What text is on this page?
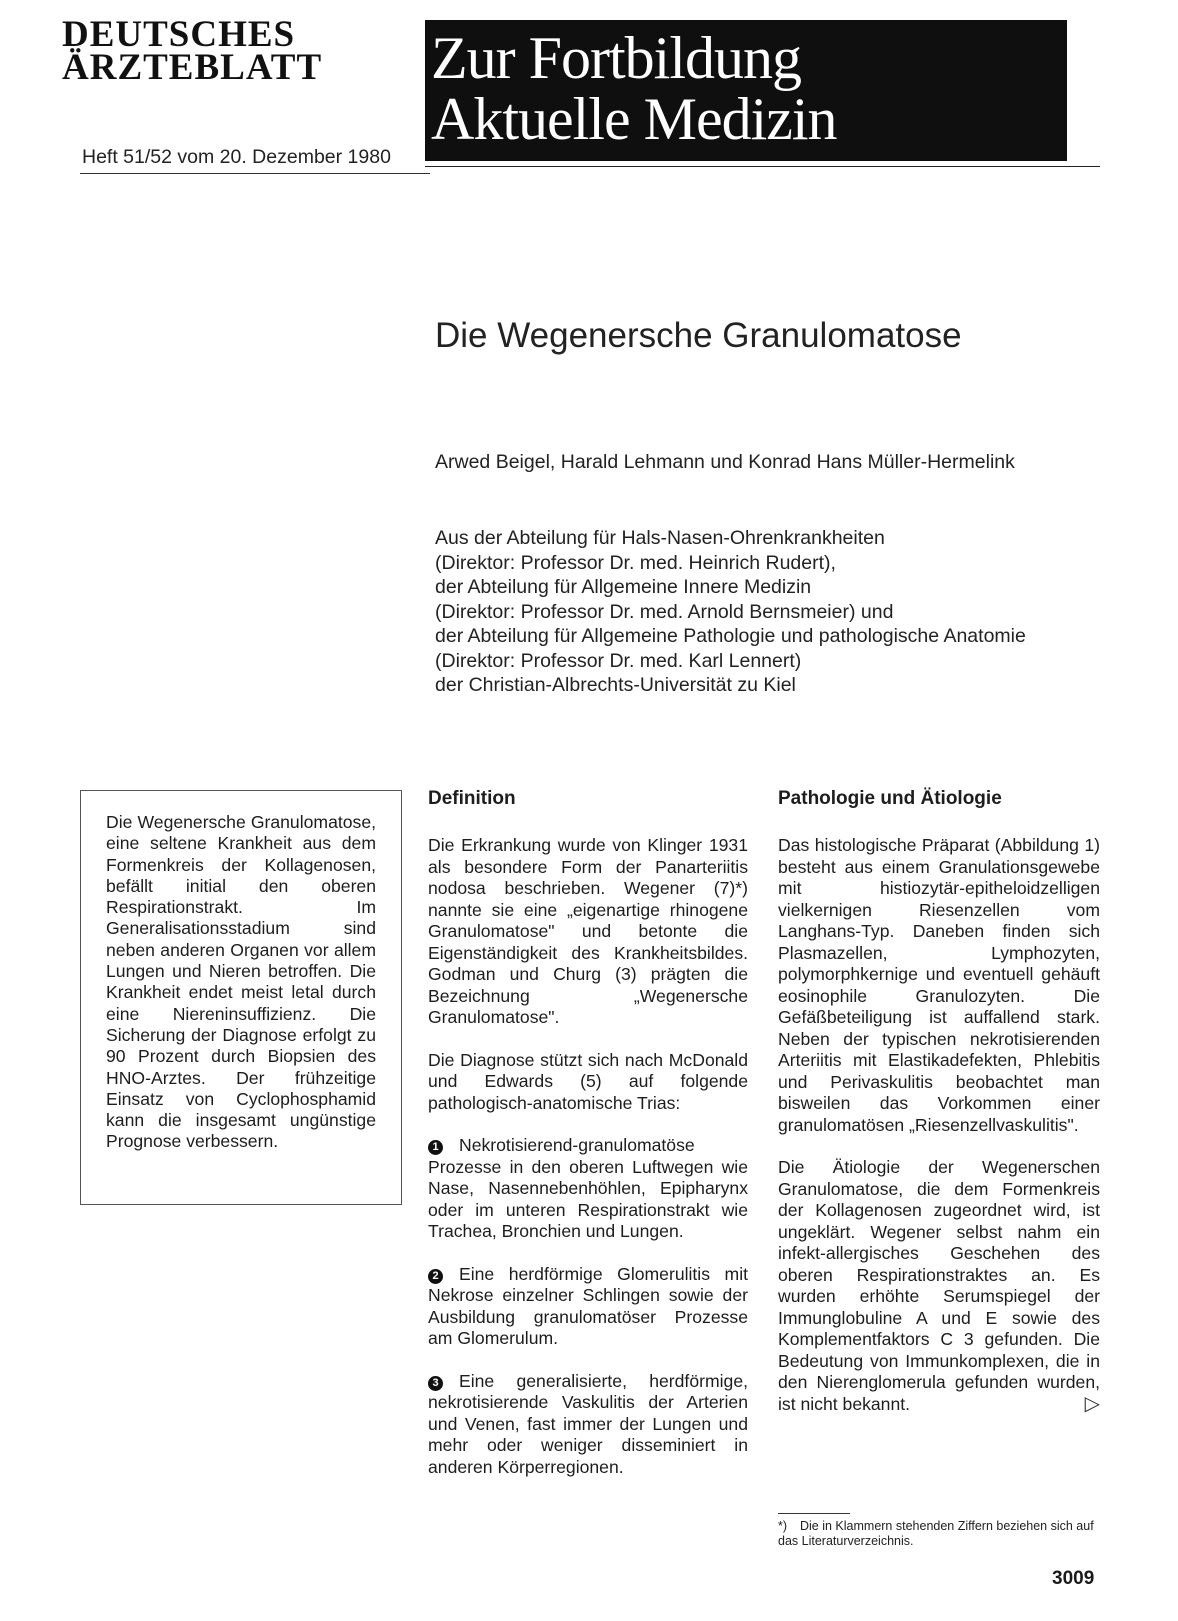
DEUTSCHES
ÄRZTEBLATT
Heft 51/52 vom 20. Dezember 1980
Zur Fortbildung
Aktuelle Medizin
Die Wegenersche Granulomatose
Arwed Beigel, Harald Lehmann und Konrad Hans Müller-Hermelink
Aus der Abteilung für Hals-Nasen-Ohrenkrankheiten
(Direktor: Professor Dr. med. Heinrich Rudert),
der Abteilung für Allgemeine Innere Medizin
(Direktor: Professor Dr. med. Arnold Bernsmeier) und
der Abteilung für Allgemeine Pathologie und pathologische Anatomie
(Direktor: Professor Dr. med. Karl Lennert)
der Christian-Albrechts-Universität zu Kiel
Die Wegenersche Granulomatose, eine seltene Krankheit aus dem Formenkreis der Kollagenosen, befällt initial den oberen Respirationstrakt. Im Generalisationsstadium sind neben anderen Organen vor allem Lungen und Nieren betroffen. Die Krankheit endet meist letal durch eine Niereninsuffizienz. Die Sicherung der Diagnose erfolgt zu 90 Prozent durch Biopsien des HNO-Arztes. Der frühzeitige Einsatz von Cyclophosphamid kann die insgesamt ungünstige Prognose verbessern.
Definition
Die Erkrankung wurde von Klinger 1931 als besondere Form der Panarteriitis nodosa beschrieben. Wegener (7)*) nannte sie eine „eigenartige rhinogene Granulomatose" und betonte die Eigenständigkeit des Krankheitsbildes. Godman und Churg (3) prägten die Bezeichnung „Wegenersche Granulomatose".
Die Diagnose stützt sich nach McDonald und Edwards (5) auf folgende pathologisch-anatomische Trias:
1 Nekrotisierend-granulomatöse Prozesse in den oberen Luftwegen wie Nase, Nasennebenhöhlen, Epipharynx oder im unteren Respirationstrakt wie Trachea, Bronchien und Lungen.
2 Eine herdförmige Glomerulitis mit Nekrose einzelner Schlingen sowie der Ausbildung granulomatöser Prozesse am Glomerulum.
3 Eine generalisierte, herdförmige, nekrotisierende Vaskulitis der Arterien und Venen, fast immer der Lungen und mehr oder weniger disseminiert in anderen Körperregionen.
Pathologie und Ätiologie
Das histologische Präparat (Abbildung 1) besteht aus einem Granulationsgewebe mit histiozytär-epitheloidzelligen vielkernigen Riesenzellen vom Langhans-Typ. Daneben finden sich Plasmazellen, Lymphozyten, polymorphkernige und eventuell gehäuft eosinophile Granulozyten. Die Gefäßbeteiligung ist auffallend stark. Neben der typischen nekrotisierenden Arteriitis mit Elastikadefekten, Phlebitis und Perivaskulitis beobachtet man bisweilen das Vorkommen einer granulomatösen „Riesenzellvaskulitis".
Die Ätiologie der Wegenerschen Granulomatose, die dem Formenkreis der Kollagenosen zugeordnet wird, ist ungeklärt. Wegener selbst nahm ein infekt-allergisches Geschehen des oberen Respirationstraktes an. Es wurden erhöhte Serumspiegel der Immunglobuline A und E sowie des Komplementfaktors C 3 gefunden. Die Bedeutung von Immunkomplexen, die in den Nierenglomerula gefunden wurden, ist nicht bekannt.	▷
*) Die in Klammern stehenden Ziffern beziehen sich auf das Literaturverzeichnis.
3009
